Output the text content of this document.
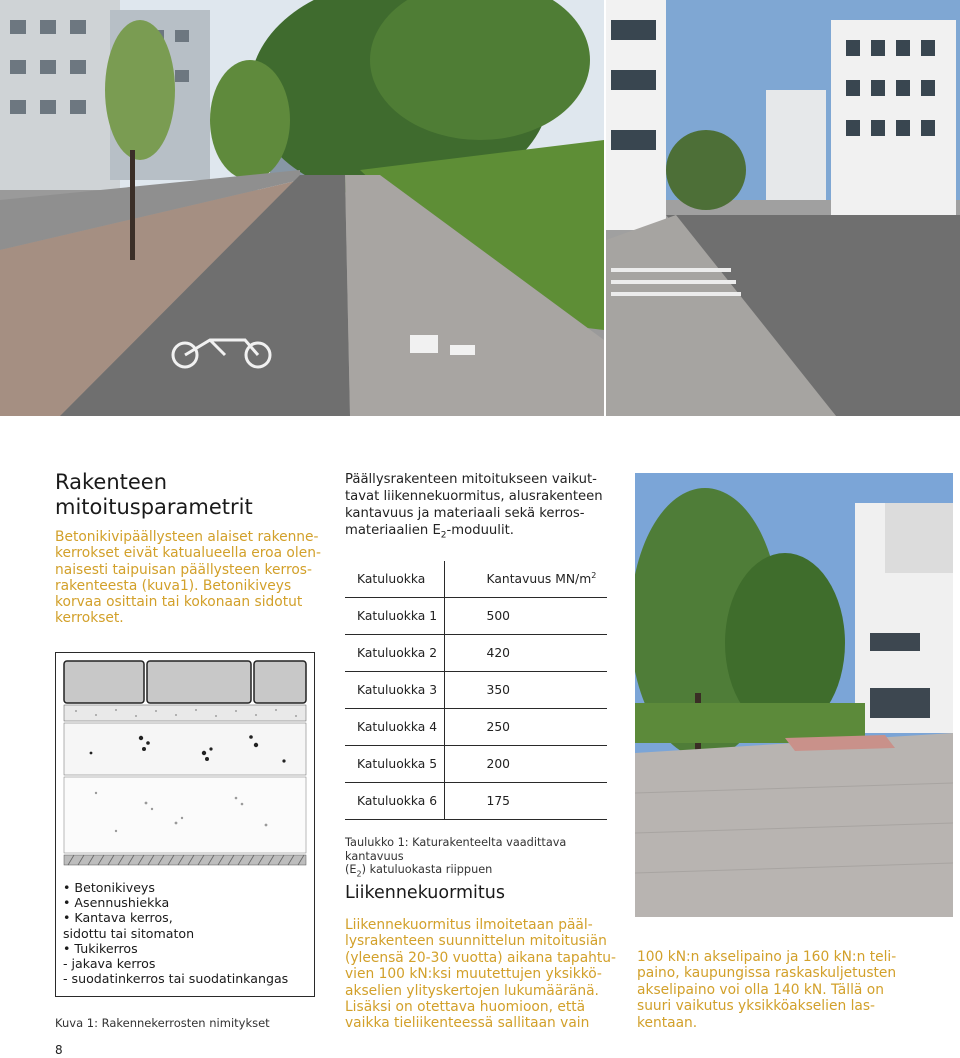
Rakenteen
mitoitusparametrit

Betonikivipäällysteen alaiset rakenne-
kerrokset eivät katualueella eroa olen-
naisesti taipuisan päällysteen kerros-
rakenteesta (kuva1). Betonikiveys
korvaa osittain tai kokonaan sidotut
kerrokset.

• Betonikiveys
• Asennushiekka
• Kantava kerros,
sidottu tai sitomaton
• Tukikerros
- jakava kerros
- suodatinkerros tai suodatinkangas

Kuva 1: Rakennekerrosten nimitykset

Päällysrakenteen mitoitukseen vaikut-
tavat liikennekuormitus, alusrakenteen
kantavuus ja materiaali sekä kerros-
materiaalien $E_2$-moduulit.

Katuluokka	Kantavuus $MN/m^2$
Katuluokka 1	500
Katuluokka 2	420
Katuluokka 3	350
Katuluokka 4	250
Katuluokka 5	200
Katuluokka 6	175

Taulukko 1: Katurakenteelta vaadittava kantavuus
$(E_2)$ katuluokasta riippuen

Liikennekuormitus

Liikennekuormitus ilmoitetaan pääl-
lysrakenteen suunnittelun mitoitusiän
(yleensä 20-30 vuotta) aikana tapahtu-
vien 100 kN:ksi muutettujen yksikkö-
akselien ylityskertojen lukumääränä.
Lisäksi on otettava huomioon, että
vaikka tieliikenteessä sallitaan vain

100 kN:n akselipaino ja 160 kN:n teli-
paino, kaupungissa raskaskuljetusten
akselipaino voi olla 140 kN. Tällä on
suuri vaikutus yksikköakselien las-
kentaan.

8
